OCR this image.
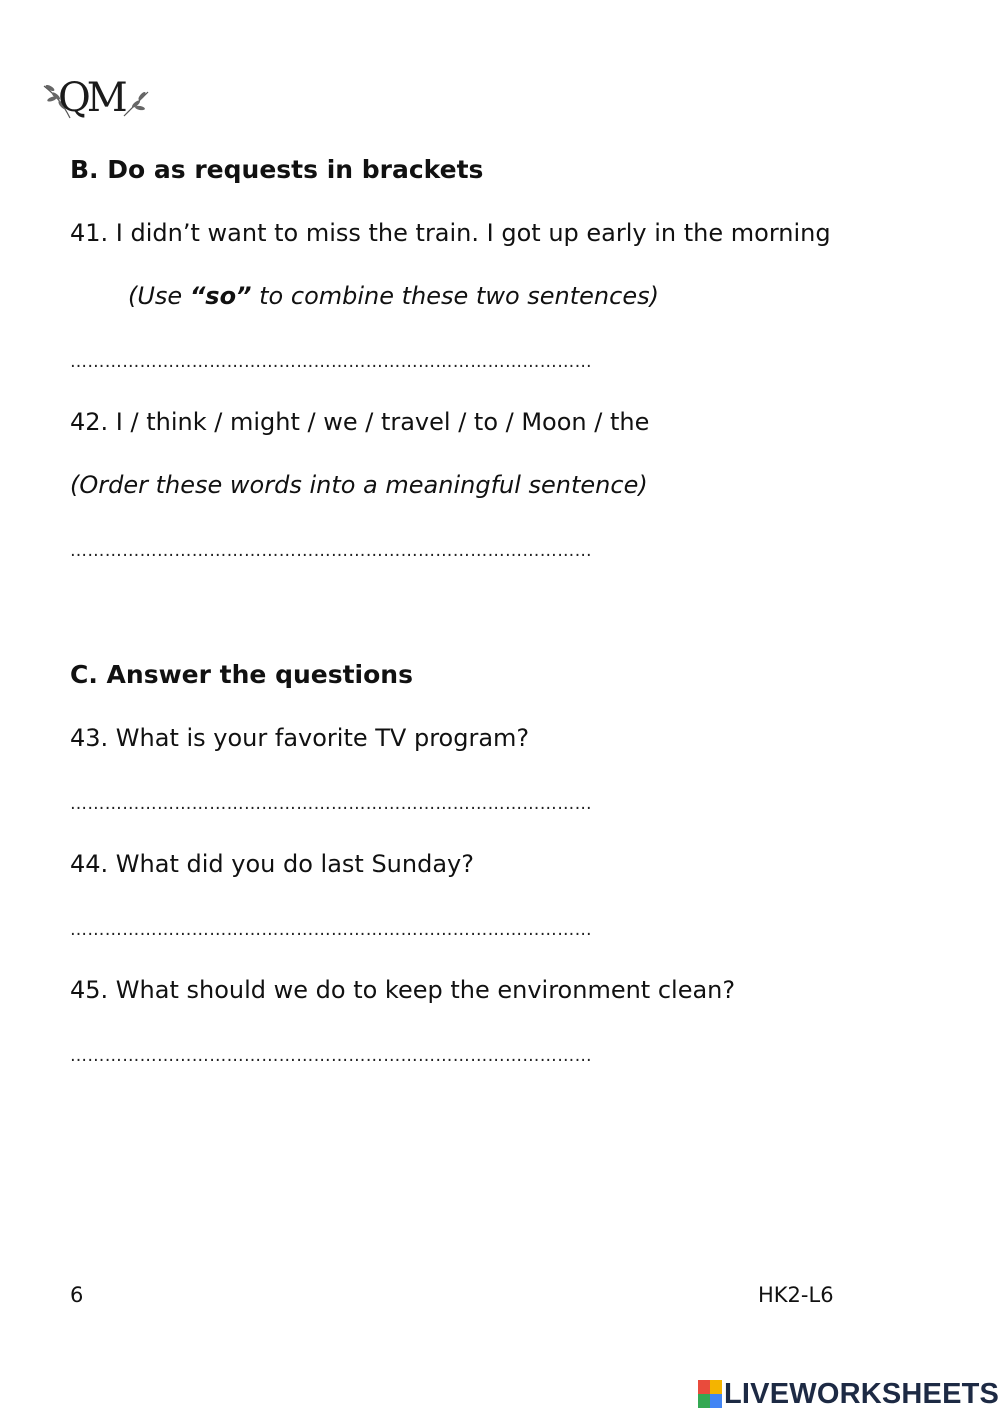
QM
B. Do as requests in brackets
41. I didn’t want to miss the train. I got up early in the morning
(Use “so” to combine these two sentences)
………………………………………………………………………………
42. I / think / might / we / travel / to / Moon / the
(Order these words into a meaningful sentence)
………………………………………………………………………………
C. Answer the questions
43. What is your favorite TV program?
………………………………………………………………………………
44. What did you do last Sunday?
………………………………………………………………………………
45. What should we do to keep the environment clean?
………………………………………………………………………………
6	HK2-L6
LIVEWORKSHEETS
